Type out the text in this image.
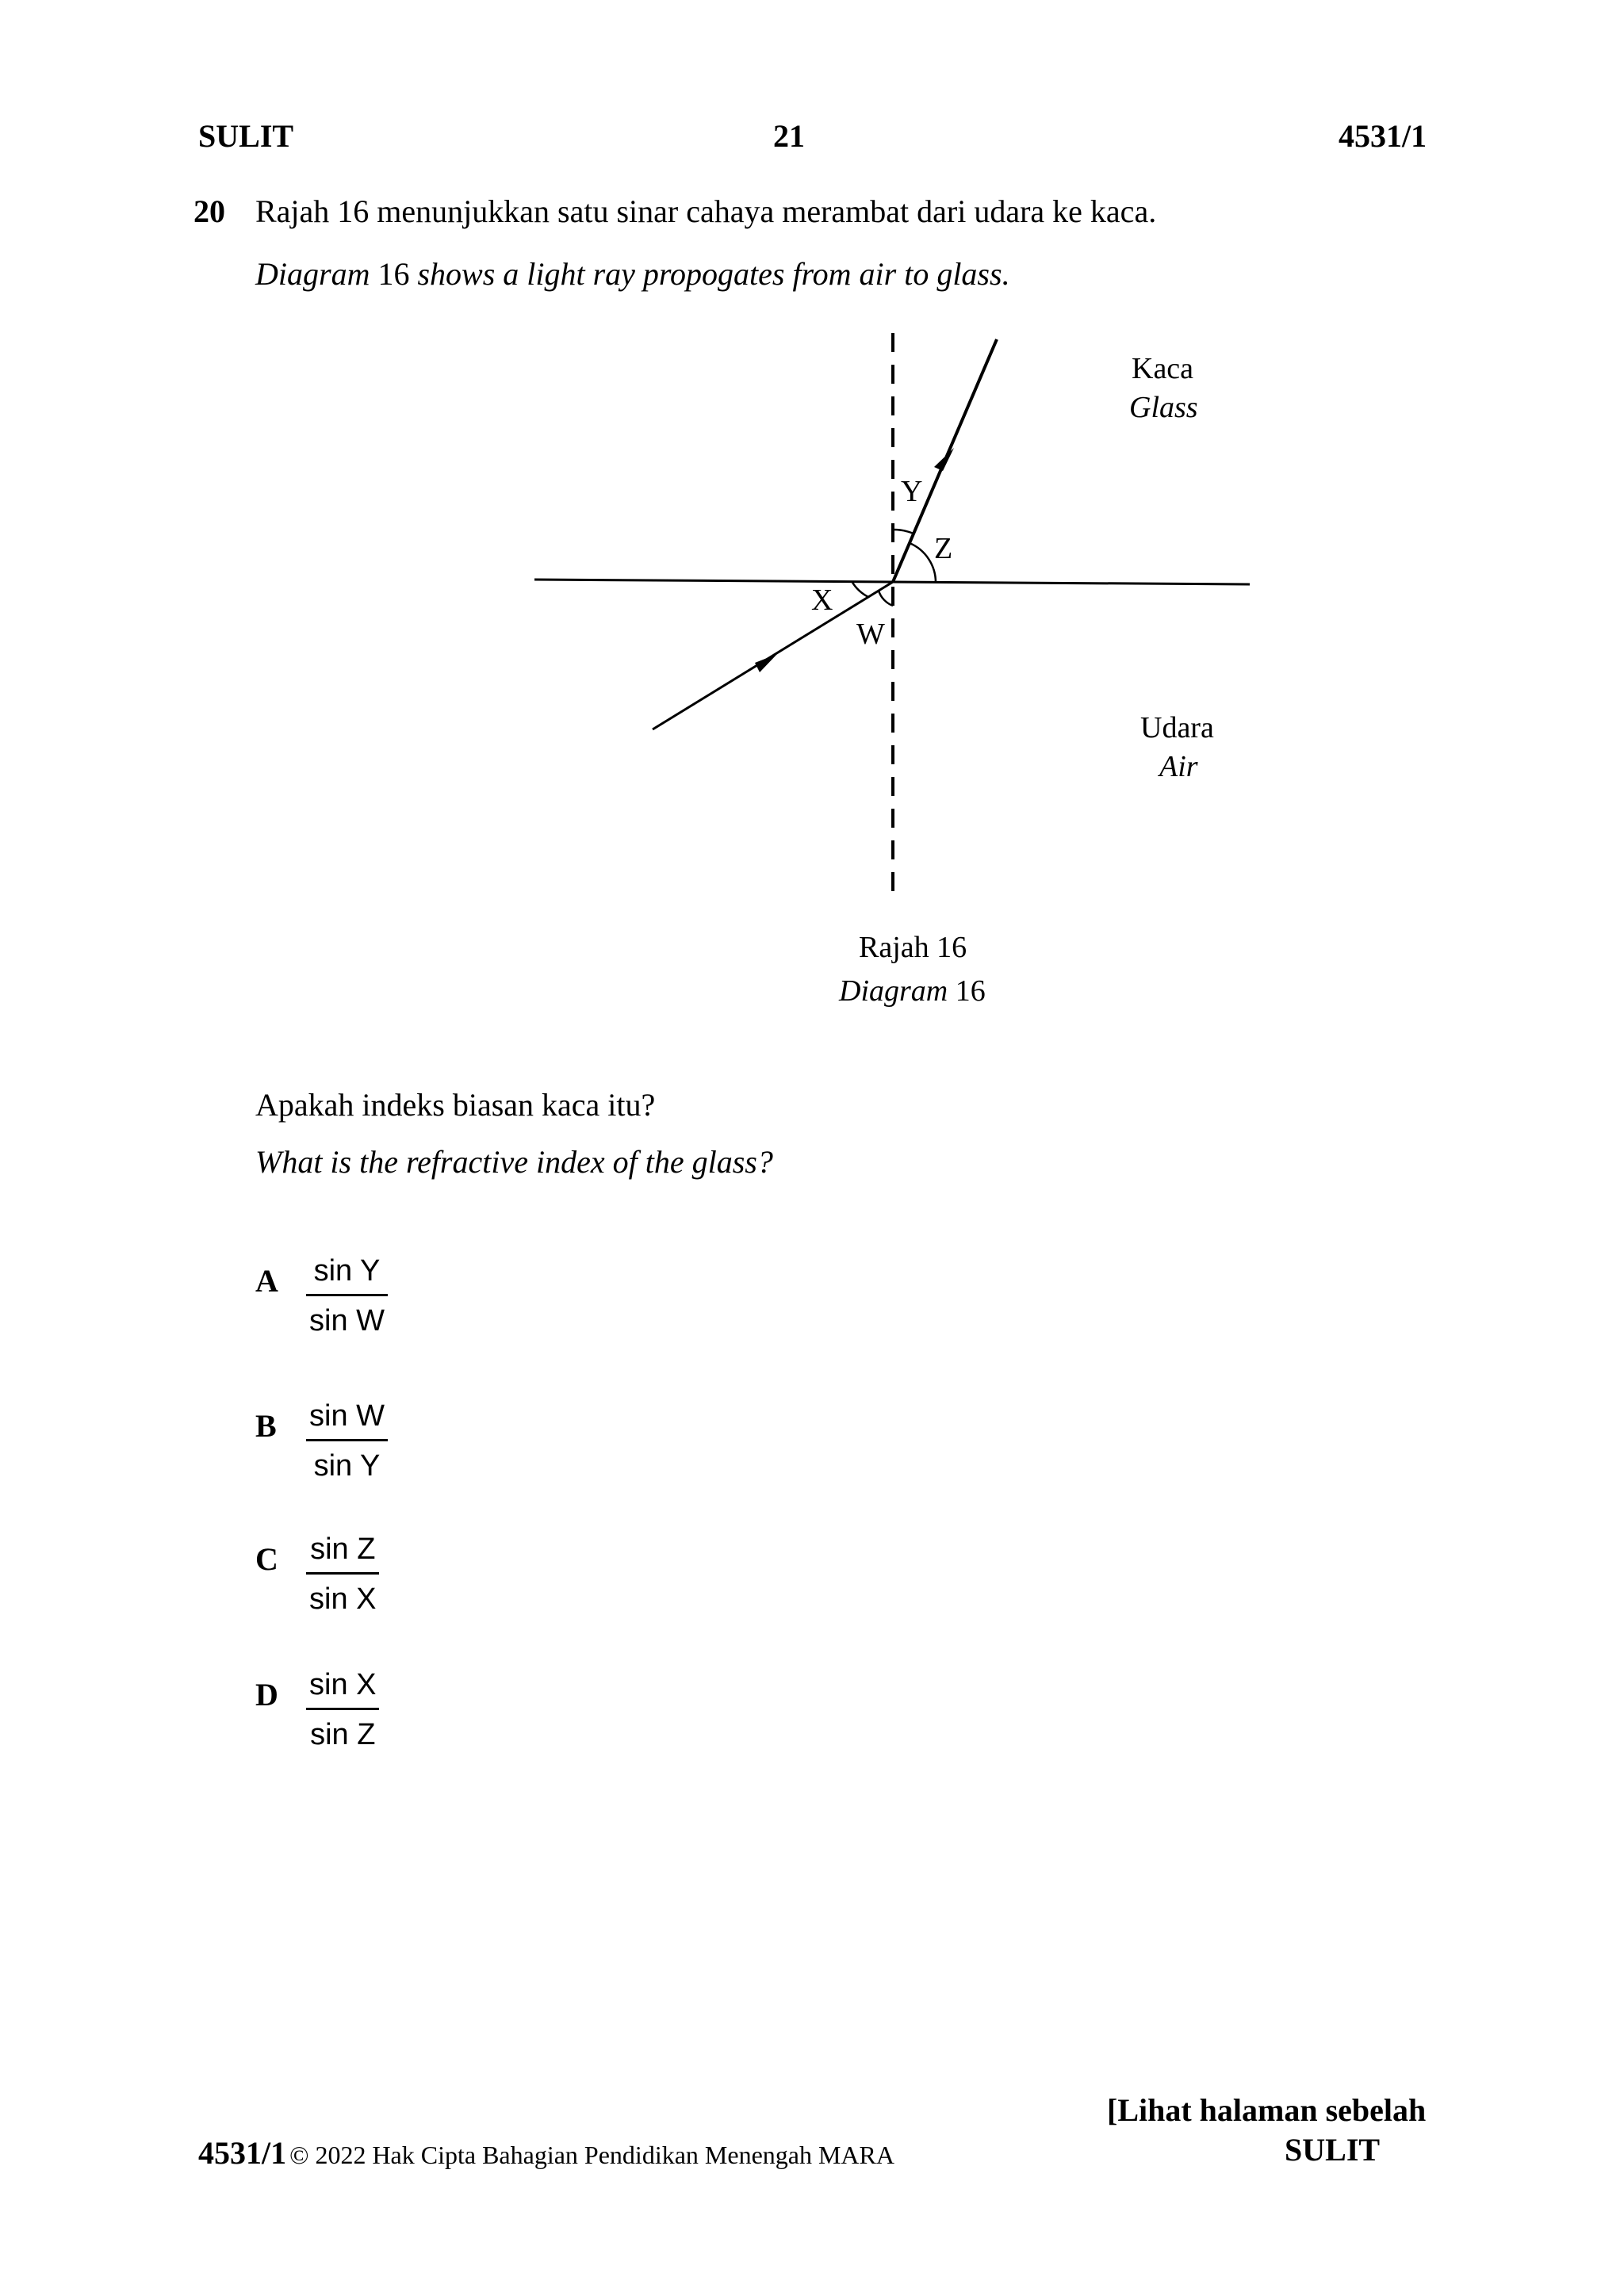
SULIT	21	4531/1
20 Rajah 16 menunjukkan satu sinar cahaya merambat dari udara ke kaca.
Diagram 16 shows a light ray propogates from air to glass.
Y
Z
X
W
Kaca
Glass
Udara
Air
Rajah 16
Diagram 16
Apakah indeks biasan kaca itu?
What is the refractive index of the glass?
A sin Y
sin W
B sin W
sin Y
C sin Z
sin X
D sin X
sin Z
[Lihat halaman sebelah
4531/1 © 2022 Hak Cipta Bahagian Pendidikan Menengah MARA	SULIT
